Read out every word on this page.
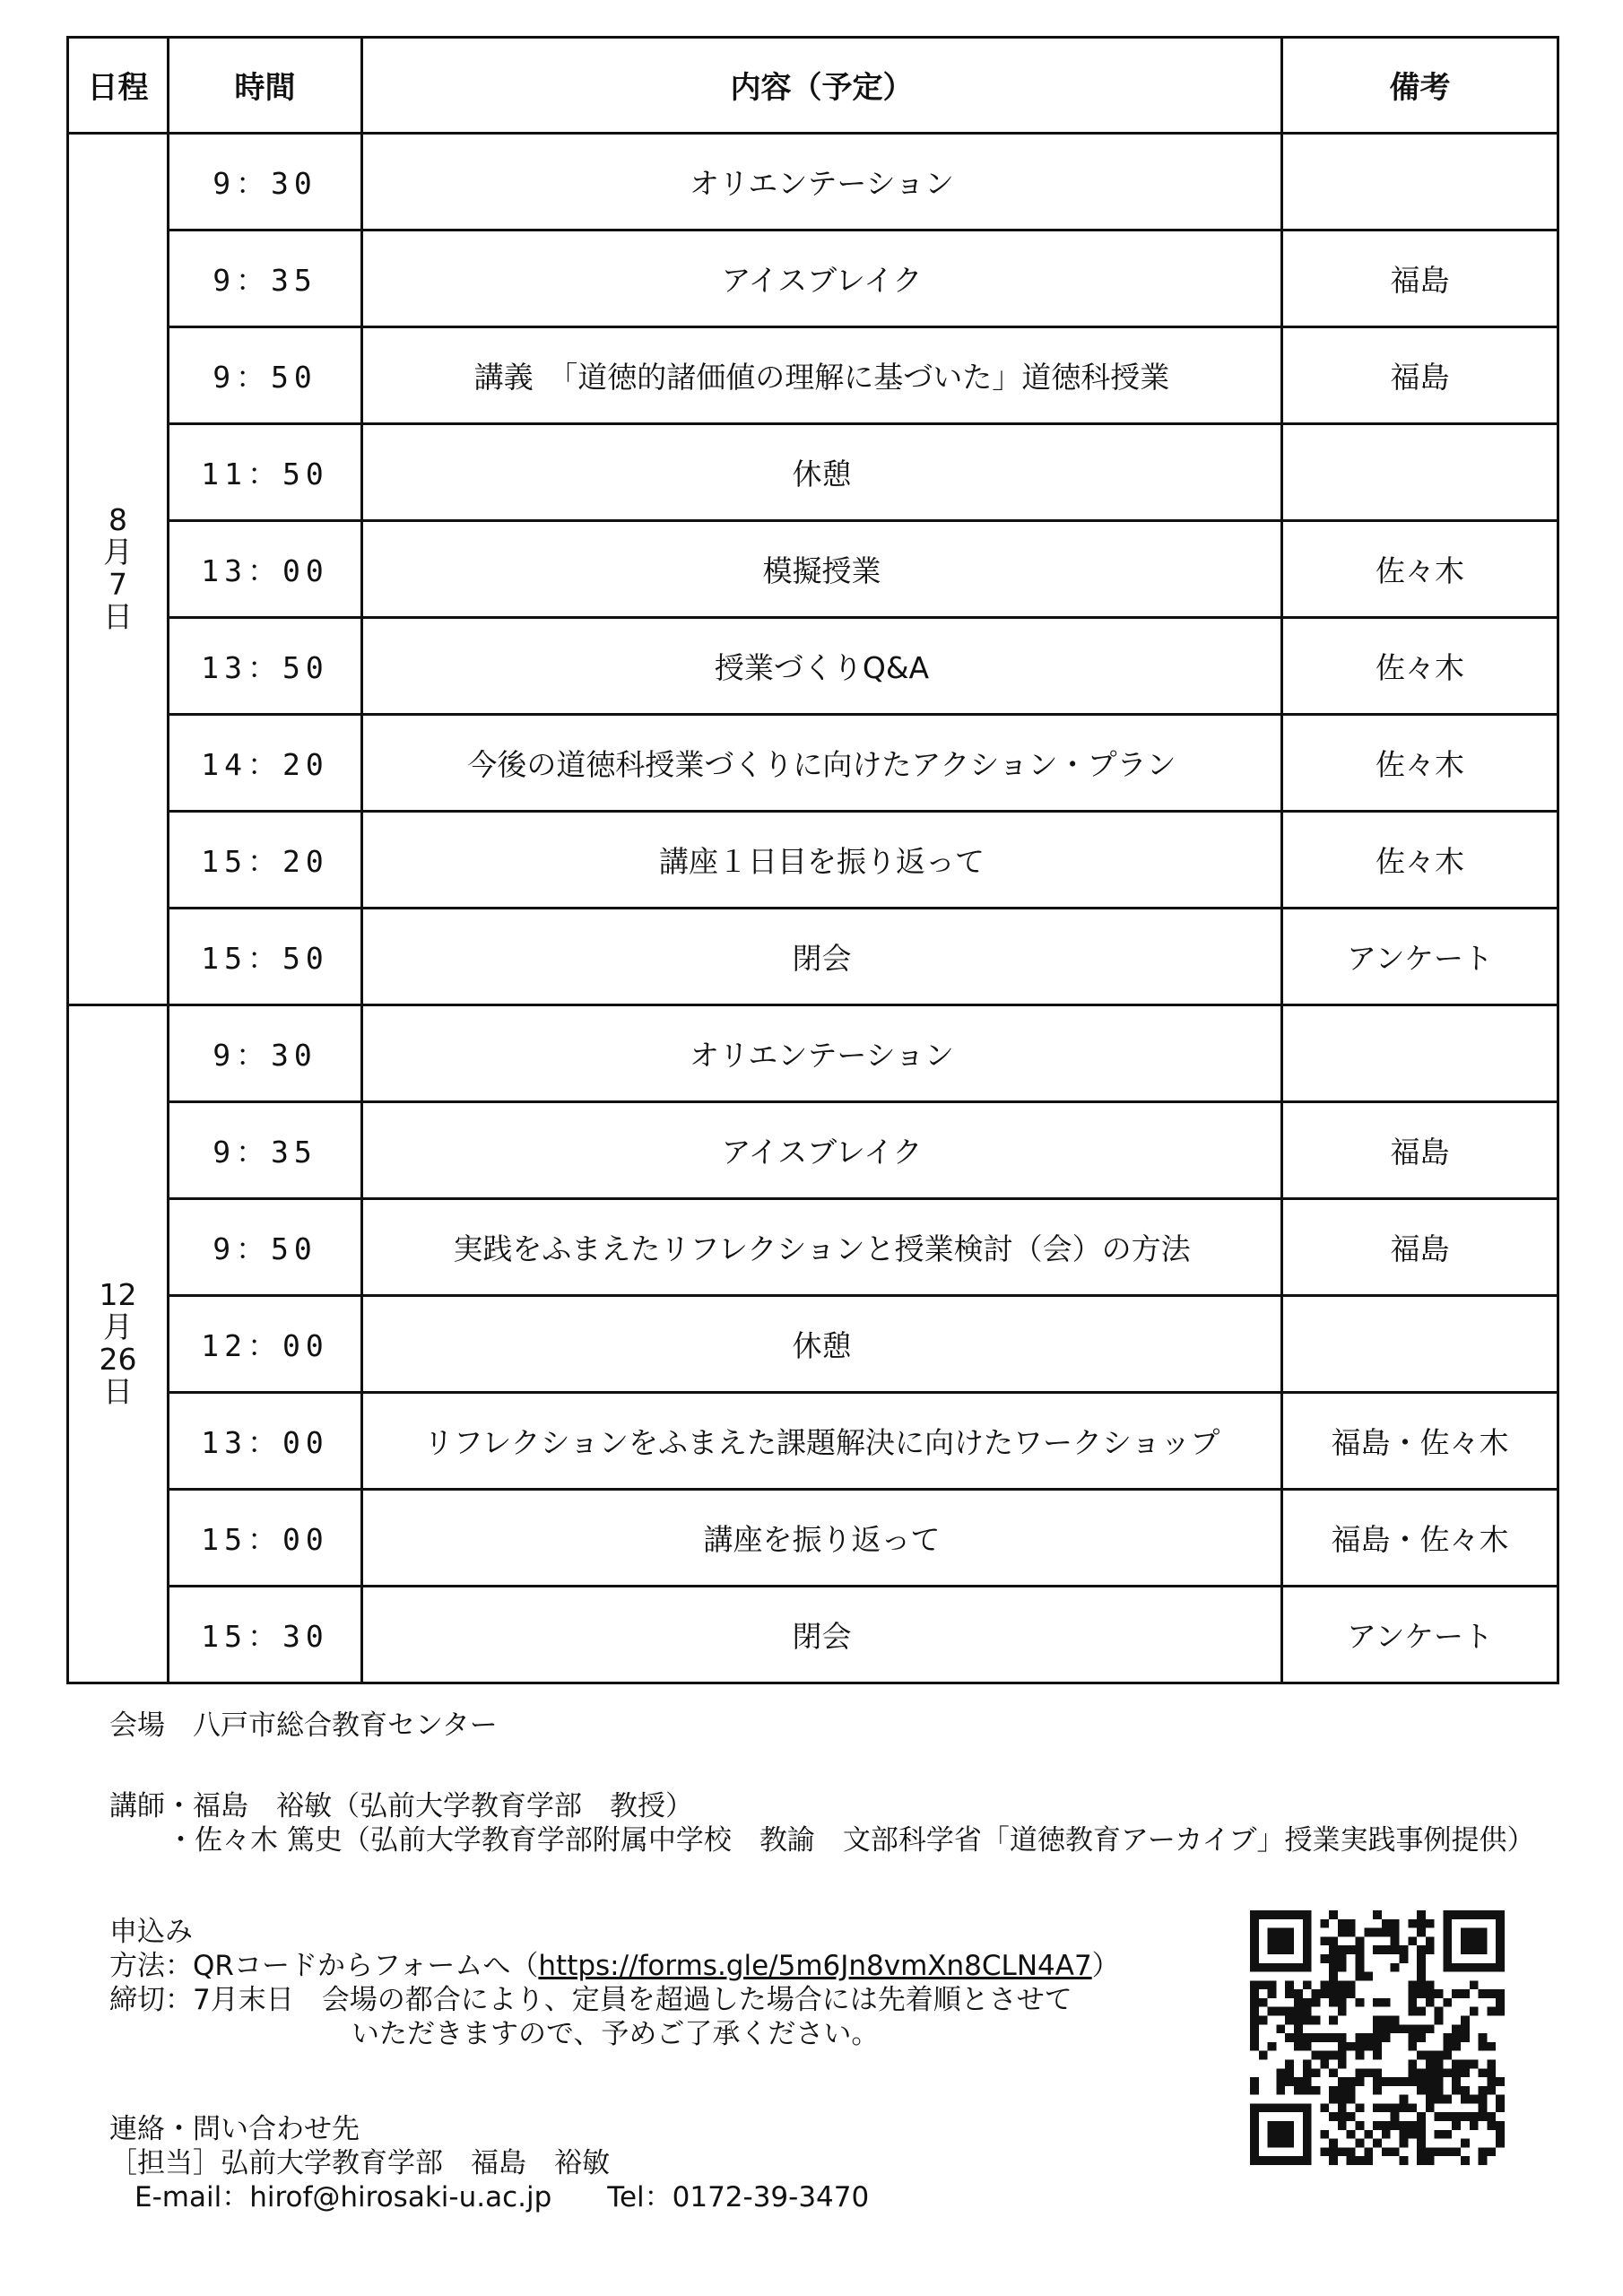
日程	時間	内容（予定）	備考

8
月
7
日	9：30	オリエンテーション	
	9：35	アイスブレイク	福島
	9：50	講義　「道徳的諸価値の理解に基づいた」道徳科授業	福島
	11：50	休憩	
	13：00	模擬授業	佐々木
	13：50	授業づくりQ&A	佐々木
	14：20	今後の道徳科授業づくりに向けたアクション・プラン	佐々木
	15：20	講座１日目を振り返って	佐々木
	15：50	閉会	アンケート

12
月
26
日	9：30	オリエンテーション	
	9：35	アイスブレイク	福島
	9：50	実践をふまえたリフレクションと授業検討（会）の方法	福島
	12：00	休憩	
	13：00	リフレクションをふまえた課題解決に向けたワークショップ	福島・佐々木
	15：00	講座を振り返って	福島・佐々木
	15：30	閉会	アンケート
会場　八戸市総合教育センター
講師・福島　裕敏（弘前大学教育学部　教授）
・佐々木 篤史（弘前大学教育学部附属中学校　教諭　文部科学省「道徳教育アーカイブ」授業実践事例提供）
申込み
方法：QRコードからフォームへ（https://forms.gle/5m6Jn8vmXn8CLN4A7）
締切：7月末日　会場の都合により、定員を超過した場合には先着順とさせて
いただきますので、予めご了承ください。
連絡・問い合わせ先
［担当］弘前大学教育学部　福島　裕敏
E-mail：hirof@hirosaki-u.ac.jp　　Tel：0172-39-3470
